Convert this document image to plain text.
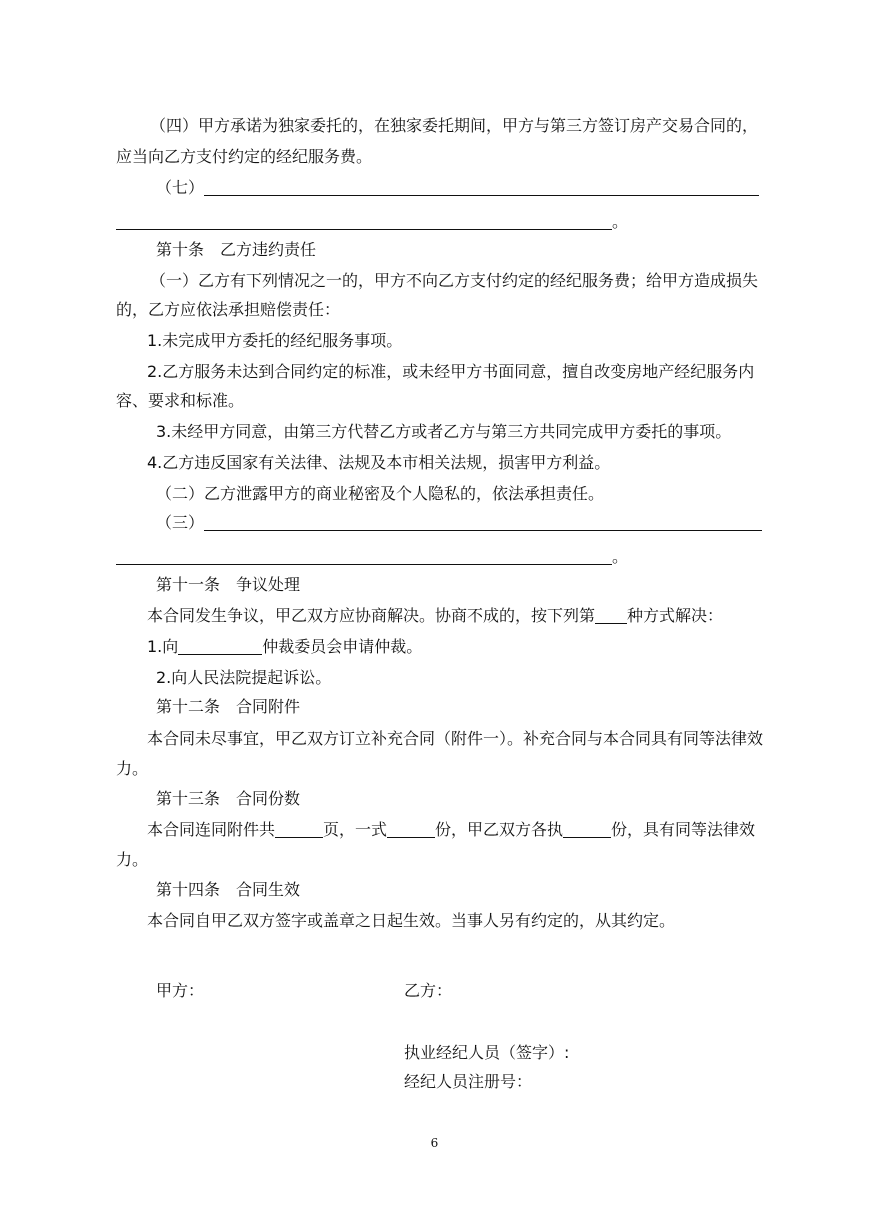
（四）甲方承诺为独家委托的，在独家委托期间，甲方与第三方签订房产交易合同的，
应当向乙方支付约定的经纪服务费。
（七）
。
第十条　乙方违约责任
（一）乙方有下列情况之一的，甲方不向乙方支付约定的经纪服务费；给甲方造成损失
的，乙方应依法承担赔偿责任：
1.未完成甲方委托的经纪服务事项。
2.乙方服务未达到合同约定的标准，或未经甲方书面同意，擅自改变房地产经纪服务内
容、要求和标准。
3.未经甲方同意，由第三方代替乙方或者乙方与第三方共同完成甲方委托的事项。
4.乙方违反国家有关法律、法规及本市相关法规，损害甲方利益。
（二）乙方泄露甲方的商业秘密及个人隐私的，依法承担责任。
（三）
。
第十一条　争议处理
本合同发生争议，甲乙双方应协商解决。协商不成的，按下列第 种方式解决：
1.向	仲裁委员会申请仲裁。
2.向人民法院提起诉讼。
第十二条　合同附件
本合同未尽事宜，甲乙双方订立补充合同（附件一）。补充合同与本合同具有同等法律效
力。
第十三条　合同份数
本合同连同附件共	页，一式	份，甲乙双方各执	份，具有同等法律效
力。
第十四条　合同生效
本合同自甲乙双方签字或盖章之日起生效。当事人另有约定的，从其约定。
甲方：	乙方：
执业经纪人员（签字）:
经纪人员注册号：
6
